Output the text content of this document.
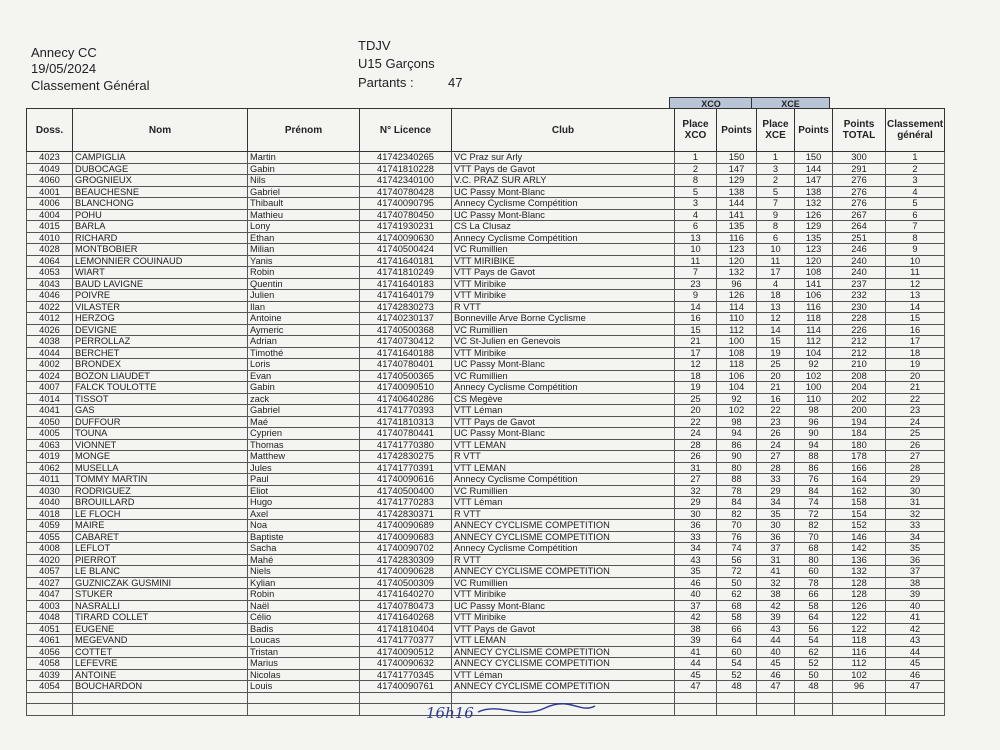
Annecy CC
19/05/2024
Classement Général
TDJV
U15 Garçons
Partants :	47
XCO	XCE
Doss.	Nom	Prénom	N° Licence	Club	Place XCO	Points	Place XCE	Points	Points TOTAL	Classement général
4023	CAMPIGLIA	Martin	41742340265	VC Praz sur Arly	1	150	1	150	300	1
4049	DUBOCAGE	Gabin	41741810228	VTT Pays de Gavot	2	147	3	144	291	2
4060	GROGNIEUX	Nils	41742340100	V.C. PRAZ SUR ARLY	8	129	2	147	276	3
4001	BEAUCHESNE	Gabriel	41740780428	UC Passy Mont-Blanc	5	138	5	138	276	4
4006	BLANCHONG	Thibault	41740090795	Annecy Cyclisme Compétition	3	144	7	132	276	5
4004	POHU	Mathieu	41740780450	UC Passy Mont-Blanc	4	141	9	126	267	6
4015	BARLA	Lony	41741930231	CS La Clusaz	6	135	8	129	264	7
4010	RICHARD	Ethan	41740090630	Annecy Cyclisme Compétition	13	116	6	135	251	8
4028	MONTBOBIER	Milian	41740500424	VC Rumillien	10	123	10	123	246	9
4064	LEMONNIER COUINAUD	Yanis	41741640181	VTT MIRIBIKE	11	120	11	120	240	10
4053	WIART	Robin	41741810249	VTT Pays de Gavot	7	132	17	108	240	11
4043	BAUD LAVIGNE	Quentin	41741640183	VTT Miribike	23	96	4	141	237	12
4046	POIVRE	Julien	41741640179	VTT Miribike	9	126	18	106	232	13
4022	VILASTER	Ilan	41742830273	R VTT	14	114	13	116	230	14
4012	HERZOG	Antoine	41740230137	Bonneville Arve Borne Cyclisme	16	110	12	118	228	15
4026	DEVIGNE	Aymeric	41740500368	VC Rumillien	15	112	14	114	226	16
4038	PERROLLAZ	Adrian	41740730412	VC St-Julien en Genevois	21	100	15	112	212	17
4044	BERCHET	Timothé	41741640188	VTT Miribike	17	108	19	104	212	18
4002	BRONDEX	Loris	41740780401	UC Passy Mont-Blanc	12	118	25	92	210	19
4024	BOZON LIAUDET	Evan	41740500365	VC Rumillien	18	106	20	102	208	20
4007	FALCK TOULOTTE	Gabin	41740090510	Annecy Cyclisme Compétition	19	104	21	100	204	21
4014	TISSOT	zack	41740640286	CS Megève	25	92	16	110	202	22
4041	GAS	Gabriel	41741770393	VTT Léman	20	102	22	98	200	23
4050	DUFFOUR	Maé	41741810313	VTT Pays de Gavot	22	98	23	96	194	24
4005	TOUNA	Cyprien	41740780441	UC Passy Mont-Blanc	24	94	26	90	184	25
4063	VIONNET	Thomas	41741770380	VTT LEMAN	28	86	24	94	180	26
4019	MONGE	Matthew	41742830275	R VTT	26	90	27	88	178	27
4062	MUSELLA	Jules	41741770391	VTT LEMAN	31	80	28	86	166	28
4011	TOMMY MARTIN	Paul	41740090616	Annecy Cyclisme Compétition	27	88	33	76	164	29
4030	RODRIGUEZ	Eliot	41740500400	VC Rumillien	32	78	29	84	162	30
4040	BROUILLARD	Hugo	41741770283	VTT Léman	29	84	34	74	158	31
4018	LE FLOCH	Axel	41742830371	R VTT	30	82	35	72	154	32
4059	MAIRE	Noa	41740090689	ANNECY CYCLISME COMPETITION	36	70	30	82	152	33
4055	CABARET	Baptiste	41740090683	ANNECY CYCLISME COMPETITION	33	76	36	70	146	34
4008	LEFLOT	Sacha	41740090702	Annecy Cyclisme Compétition	34	74	37	68	142	35
4020	PIERROT	Mahé	41742830309	R VTT	43	56	31	80	136	36
4057	LE BLANC	Niels	41740090628	ANNECY CYCLISME COMPETITION	35	72	41	60	132	37
4027	GUZNICZAK GUSMINI	Kylian	41740500309	VC Rumillien	46	50	32	78	128	38
4047	STUKER	Robin	41741640270	VTT Miribike	40	62	38	66	128	39
4003	NASRALLI	Naël	41740780473	UC Passy Mont-Blanc	37	68	42	58	126	40
4048	TIRARD COLLET	Célio	41741640268	VTT Miribike	42	58	39	64	122	41
4051	EUGENE	Badis	41741810404	VTT Pays de Gavot	38	66	43	56	122	42
4061	MEGEVAND	Loucas	41741770377	VTT LEMAN	39	64	44	54	118	43
4056	COTTET	Tristan	41740090512	ANNECY CYCLISME COMPETITION	41	60	40	62	116	44
4058	LEFEVRE	Marius	41740090632	ANNECY CYCLISME COMPETITION	44	54	45	52	112	45
4039	ANTOINE	Nicolas	41741770345	VTT Léman	45	52	46	50	102	46
4054	BOUCHARDON	Louis	41740090761	ANNECY CYCLISME COMPETITION	47	48	47	48	96	47

16h16
